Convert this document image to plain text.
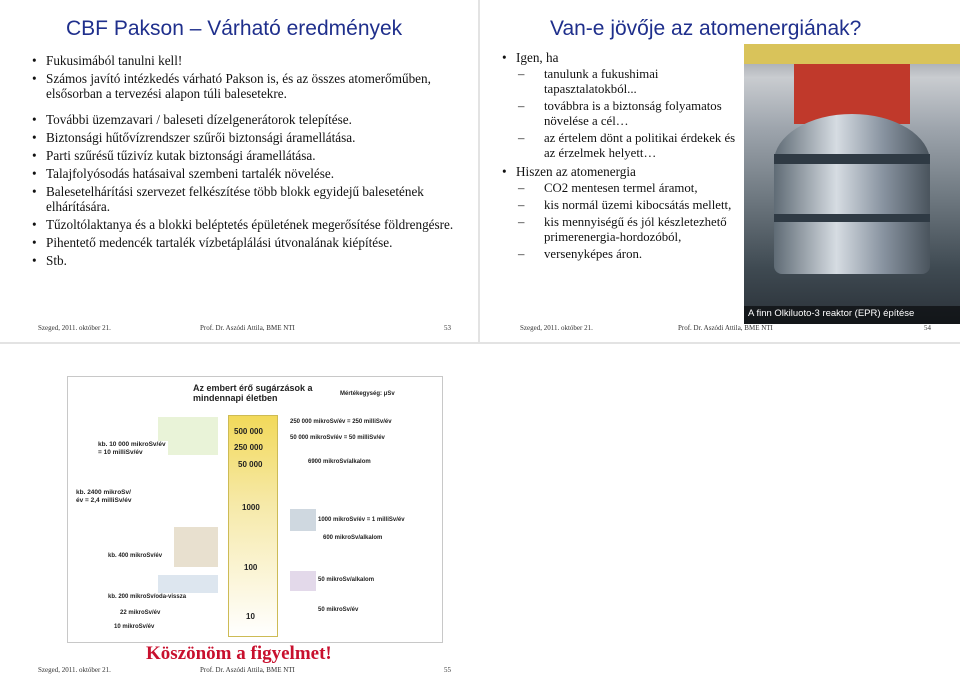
CBF Pakson – Várható eredmények
• Fukusimából tanulni kell!
• Számos javító intézkedés várható Pakson is, és az összes atomerőműben, elsősorban a tervezési alapon túli balesetekre.
• További üzemzavari / baleseti dízelgenerátorok telepítése.
• Biztonsági hűtővízrendszer szűrői biztonsági áramellátása.
• Parti szűrésű tűzivíz kutak biztonsági áramellátása.
• Talajfolyósodás hatásaival szembeni tartalék növelése.
• Balesetelhárítási szervezet felkészítése több blokk egyidejű balesetének elhárítására.
• Tűzoltólaktanya és a blokki beléptetés épületének megerősítése földrengésre.
• Pihentető medencék tartalék vízbetáplálási útvonalának kiépítése.
• Stb.
Szeged, 2011. október 21.	Prof. Dr. Aszódi Attila, BME NTI	53
Van-e jövője az atomenergiának?
• Igen, ha
– tanulunk a fukushimai tapasztalatokból...
– továbbra is a biztonság folyamatos növelése a cél…
– az értelem dönt a politikai érdekek és az érzelmek helyett…
• Hiszen az atomenergia
– CO2 mentesen termel áramot,
– kis normál üzemi kibocsátás mellett,
– kis mennyiségű és jól készletezhető primerenergia-hordozóból,
– versenyképes áron.
A finn Olkiluoto-3 reaktor (EPR) építése
Szeged, 2011. október 21.	Prof. Dr. Aszódi Attila, BME NTI	54
Az embert érő sugárzások a mindennapi életben	Mértékegység: μSv
500 000
250 000
50 000
1000
100
10
kb. 10 000 mikroSv/év = 10 milliSv/év
kb. 2400 mikroSv/év = 2,4 milliSv/év
kb. 400 mikroSv/év
kb. 200 mikroSv/oda-vissza
22 mikroSv/év
10 mikroSv/év
250 000 mikroSv/év = 250 milliSv/év
50 000 mikroSv/év = 50 milliSv/év
6900 mikroSv/alkalom
1000 mikroSv/év = 1 milliSv/év
600 mikroSv/alkalom
50 mikroSv/alkalom
50 mikroSv/év
Köszönöm a figyelmet!
Szeged, 2011. október 21.	Prof. Dr. Aszódi Attila, BME NTI	55
